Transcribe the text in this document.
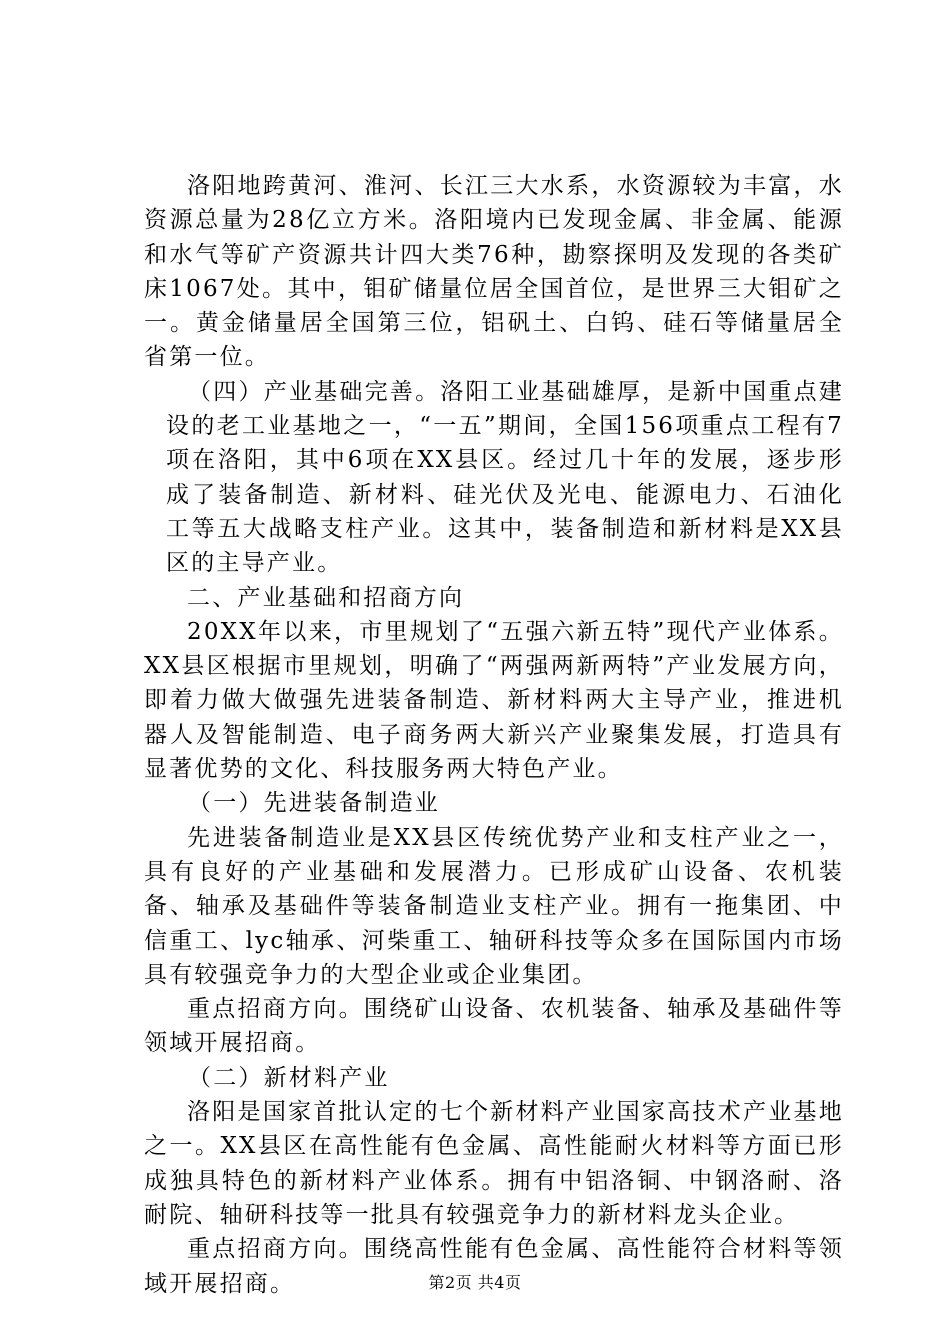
洛阳地跨黄河、淮河、长江三大水系，水资源较为丰富，水资源总量为28亿立方米。洛阳境内已发现金属、非金属、能源和水气等矿产资源共计四大类76种，勘察探明及发现的各类矿床1067处。其中，钼矿储量位居全国首位，是世界三大钼矿之一。黄金储量居全国第三位，铝矾土、白钨、硅石等储量居全省第一位。

（四）产业基础完善。洛阳工业基础雄厚，是新中国重点建设的老工业基地之一，“一五”期间，全国156项重点工程有7项在洛阳，其中6项在XX县区。经过几十年的发展，逐步形成了装备制造、新材料、硅光伏及光电、能源电力、石油化工等五大战略支柱产业。这其中，装备制造和新材料是XX县区的主导产业。

二、产业基础和招商方向

20XX年以来，市里规划了“五强六新五特”现代产业体系。XX县区根据市里规划，明确了“两强两新两特”产业发展方向，即着力做大做强先进装备制造、新材料两大主导产业，推进机器人及智能制造、电子商务两大新兴产业聚集发展，打造具有显著优势的文化、科技服务两大特色产业。

（一）先进装备制造业

先进装备制造业是XX县区传统优势产业和支柱产业之一，具有良好的产业基础和发展潜力。已形成矿山设备、农机装备、轴承及基础件等装备制造业支柱产业。拥有一拖集团、中信重工、lyc轴承、河柴重工、轴研科技等众多在国际国内市场具有较强竞争力的大型企业或企业集团。

重点招商方向。围绕矿山设备、农机装备、轴承及基础件等领域开展招商。

（二）新材料产业

洛阳是国家首批认定的七个新材料产业国家高技术产业基地之一。XX县区在高性能有色金属、高性能耐火材料等方面已形成独具特色的新材料产业体系。拥有中铝洛铜、中钢洛耐、洛耐院、轴研科技等一批具有较强竞争力的新材料龙头企业。

重点招商方向。围绕高性能有色金属、高性能符合材料等领域开展招商。	第2页 共4页
